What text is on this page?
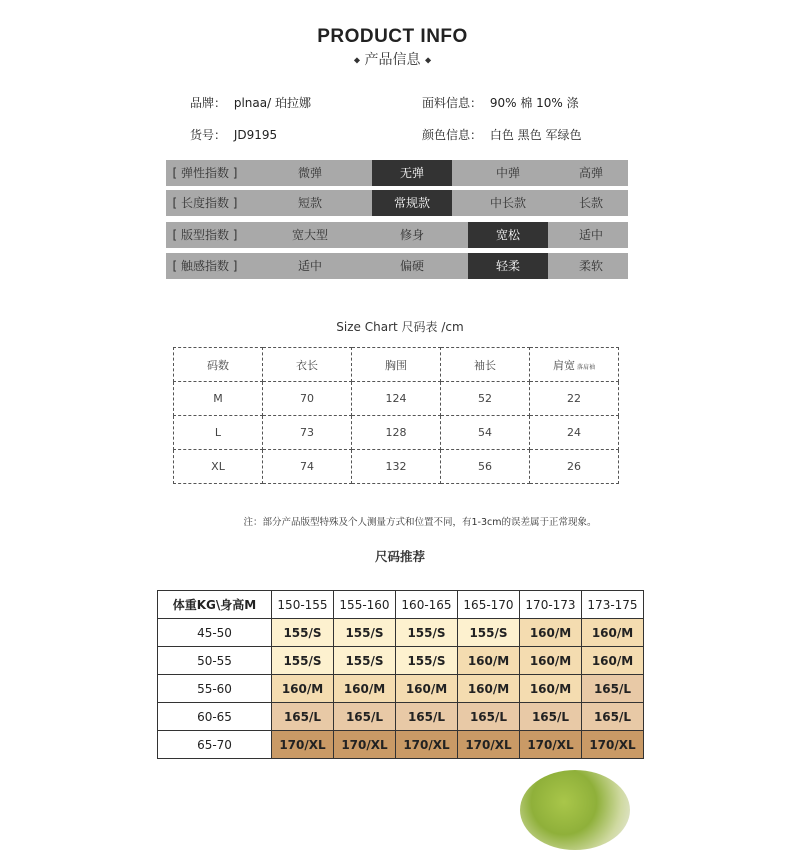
PRODUCT INFO
◆ 产品信息 ◆
品牌： plnaa/ 珀拉娜	面料信息： 90% 棉 10% 涤
货号： JD9195	颜色信息： 白色 黑色 军绿色
[ 弹性指数 ]	微弹	无弹	中弹	高弹
[ 长度指数 ]	短款	常规款	中长款	长款
[ 版型指数 ]	宽大型	修身	宽松	适中
[ 触感指数 ]	适中	偏硬	轻柔	柔软
Size Chart 尺码表 /cm
码数	衣长	胸围	袖长	肩宽 落肩袖
M	70	124	52	22
L	73	128	54	24
XL	74	132	56	26
注：部分产品版型特殊及个人测量方式和位置不同，有1-3cm的误差属于正常现象。
尺码推荐
体重KG\身高M	150-155	155-160	160-165	165-170	170-173	173-175
45-50	155/S	155/S	155/S	155/S	160/M	160/M
50-55	155/S	155/S	155/S	160/M	160/M	160/M
55-60	160/M	160/M	160/M	160/M	160/M	165/L
60-65	165/L	165/L	165/L	165/L	165/L	165/L
65-70	170/XL	170/XL	170/XL	170/XL	170/XL	170/XL
